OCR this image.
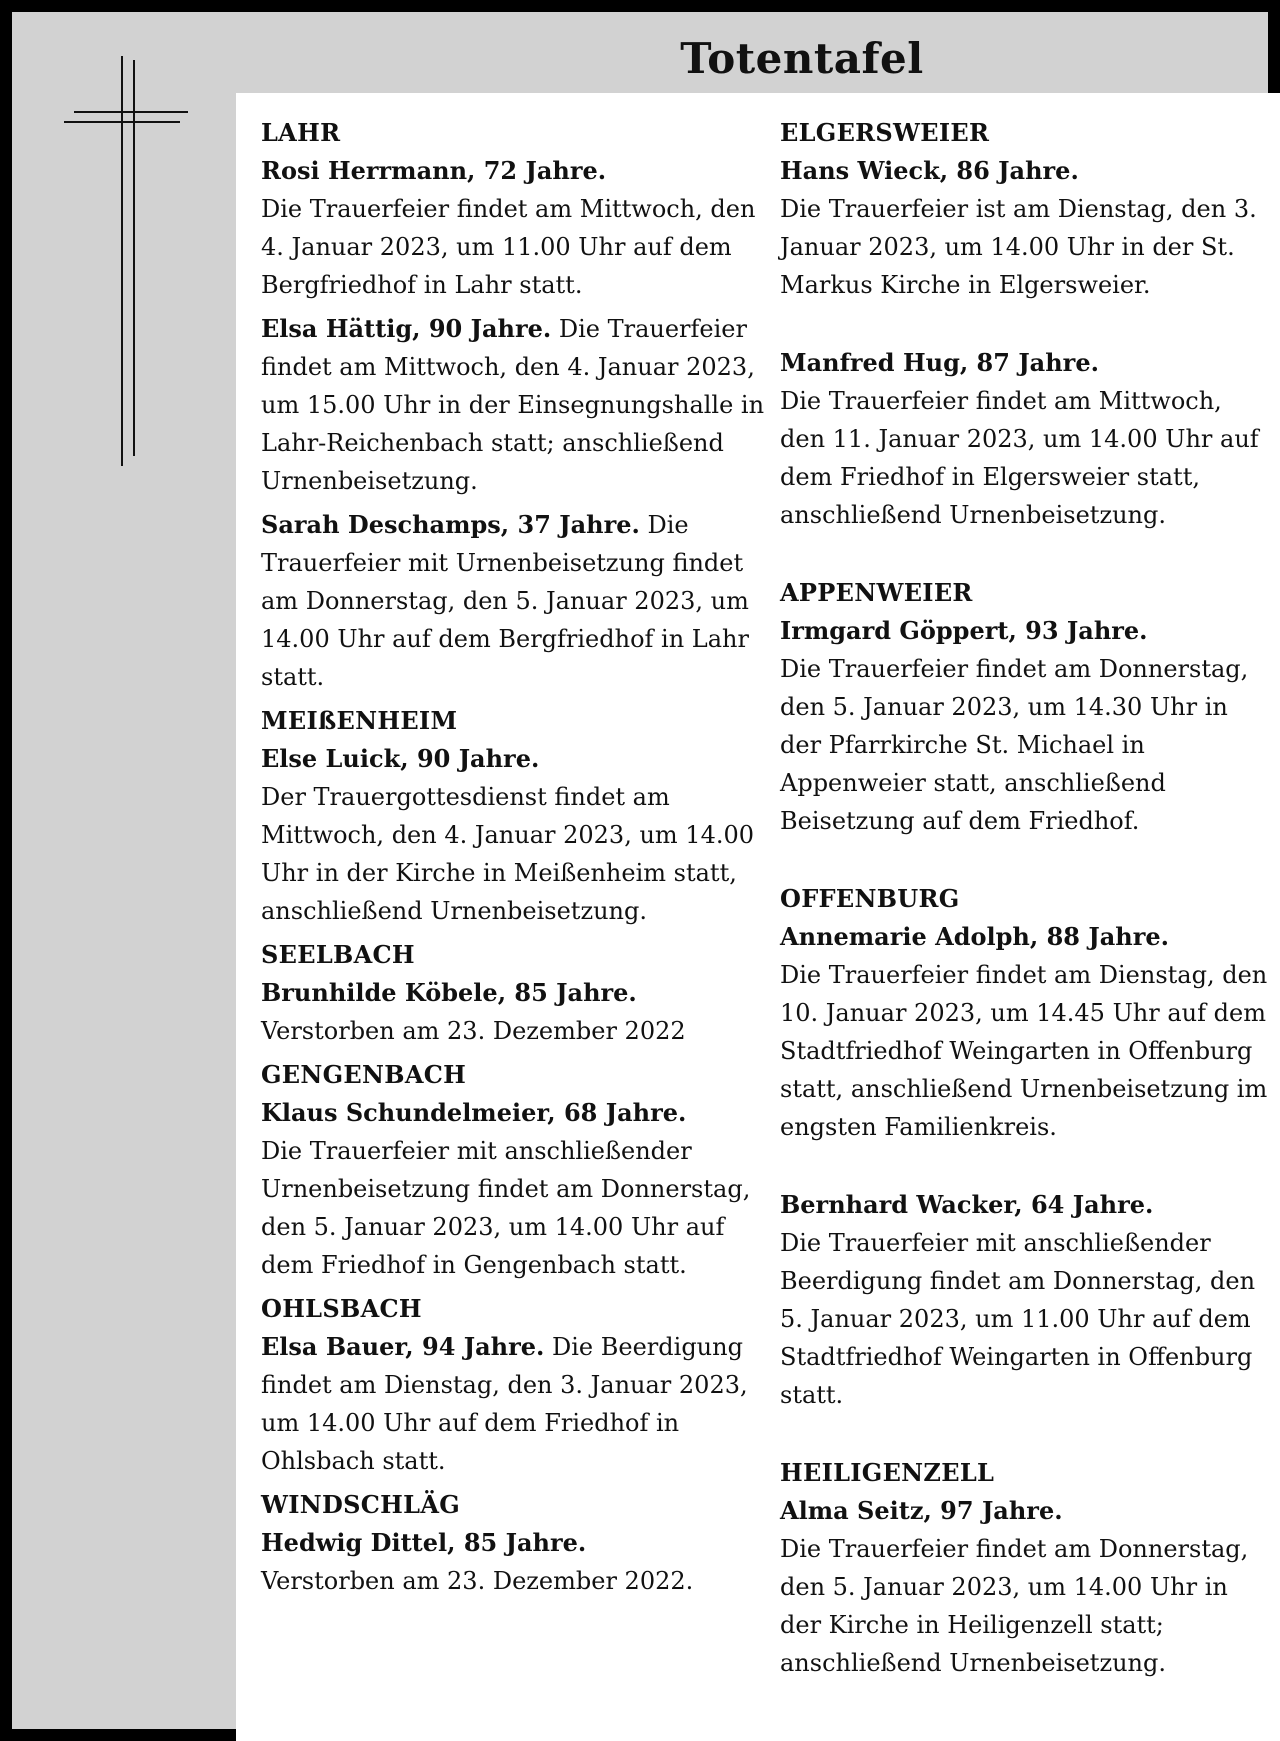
Totentafel
LAHR
Rosi Herrmann, 72 Jahre.
Die Trauerfeier findet am Mittwoch, den 4. Januar 2023, um 11.00 Uhr auf dem Bergfriedhof in Lahr statt.
Elsa Hättig, 90 Jahre. Die Trauerfeier findet am Mittwoch, den 4. Januar 2023, um 15.00 Uhr in der Einsegnungshalle in Lahr-Reichenbach statt; anschließend Urnenbeisetzung.
Sarah Deschamps, 37 Jahre. Die Trauerfeier mit Urnenbeisetzung findet am Donnerstag, den 5. Januar 2023, um 14.00 Uhr auf dem Bergfriedhof in Lahr statt.
MEIßENHEIM
Else Luick, 90 Jahre.
Der Trauergottesdienst findet am Mittwoch, den 4. Januar 2023, um 14.00 Uhr in der Kirche in Meißenheim statt, anschließend Urnenbeisetzung.
SEELBACH
Brunhilde Köbele, 85 Jahre.
Verstorben am 23. Dezember 2022
GENGENBACH
Klaus Schundelmeier, 68 Jahre.
Die Trauerfeier mit anschließender Urnenbeisetzung findet am Donnerstag, den 5. Januar 2023, um 14.00 Uhr auf dem Friedhof in Gengenbach statt.
OHLSBACH
Elsa Bauer, 94 Jahre. Die Beerdigung findet am Dienstag, den 3. Januar 2023, um 14.00 Uhr auf dem Friedhof in Ohlsbach statt.
WINDSCHLÄG
Hedwig Dittel, 85 Jahre.
Verstorben am 23. Dezember 2022.
ELGERSWEIER
Hans Wieck, 86 Jahre.
Die Trauerfeier ist am Dienstag, den 3. Januar 2023, um 14.00 Uhr in der St. Markus Kirche in Elgersweier.
Manfred Hug, 87 Jahre.
Die Trauerfeier findet am Mittwoch, den 11. Januar 2023, um 14.00 Uhr auf dem Friedhof in Elgersweier statt, anschließend Urnenbeisetzung.
APPENWEIER
Irmgard Göppert, 93 Jahre.
Die Trauerfeier findet am Donnerstag, den 5. Januar 2023, um 14.30 Uhr in der Pfarrkirche St. Michael in Appenweier statt, anschließend Beisetzung auf dem Friedhof.
OFFENBURG
Annemarie Adolph, 88 Jahre.
Die Trauerfeier findet am Dienstag, den 10. Januar 2023, um 14.45 Uhr auf dem Stadtfriedhof Weingarten in Offenburg statt, anschließend Urnenbeisetzung im engsten Familienkreis.
Bernhard Wacker, 64 Jahre.
Die Trauerfeier mit anschließender Beerdigung findet am Donnerstag, den 5. Januar 2023, um 11.00 Uhr auf dem Stadtfriedhof Weingarten in Offenburg statt.
HEILIGENZELL
Alma Seitz, 97 Jahre.
Die Trauerfeier findet am Donnerstag, den 5. Januar 2023, um 14.00 Uhr in der Kirche in Heiligenzell statt; anschließend Urnenbeisetzung.
